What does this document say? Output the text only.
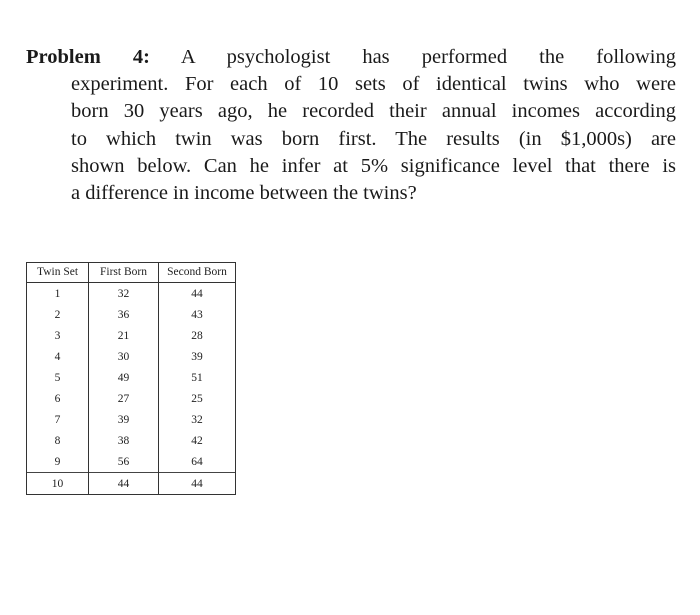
Problem 4: A psychologist has performed the following
experiment. For each of 10 sets of identical twins who were
born 30 years ago, he recorded their annual incomes according
to which twin was born first. The results (in $1,000s) are
shown below. Can he infer at 5% significance level that there is
a difference in income between the twins?
Twin Set	First Born	Second Born
1	32	44
2	36	43
3	21	28
4	30	39
5	49	51
6	27	25
7	39	32
8	38	42
9	56	64
10	44	44
